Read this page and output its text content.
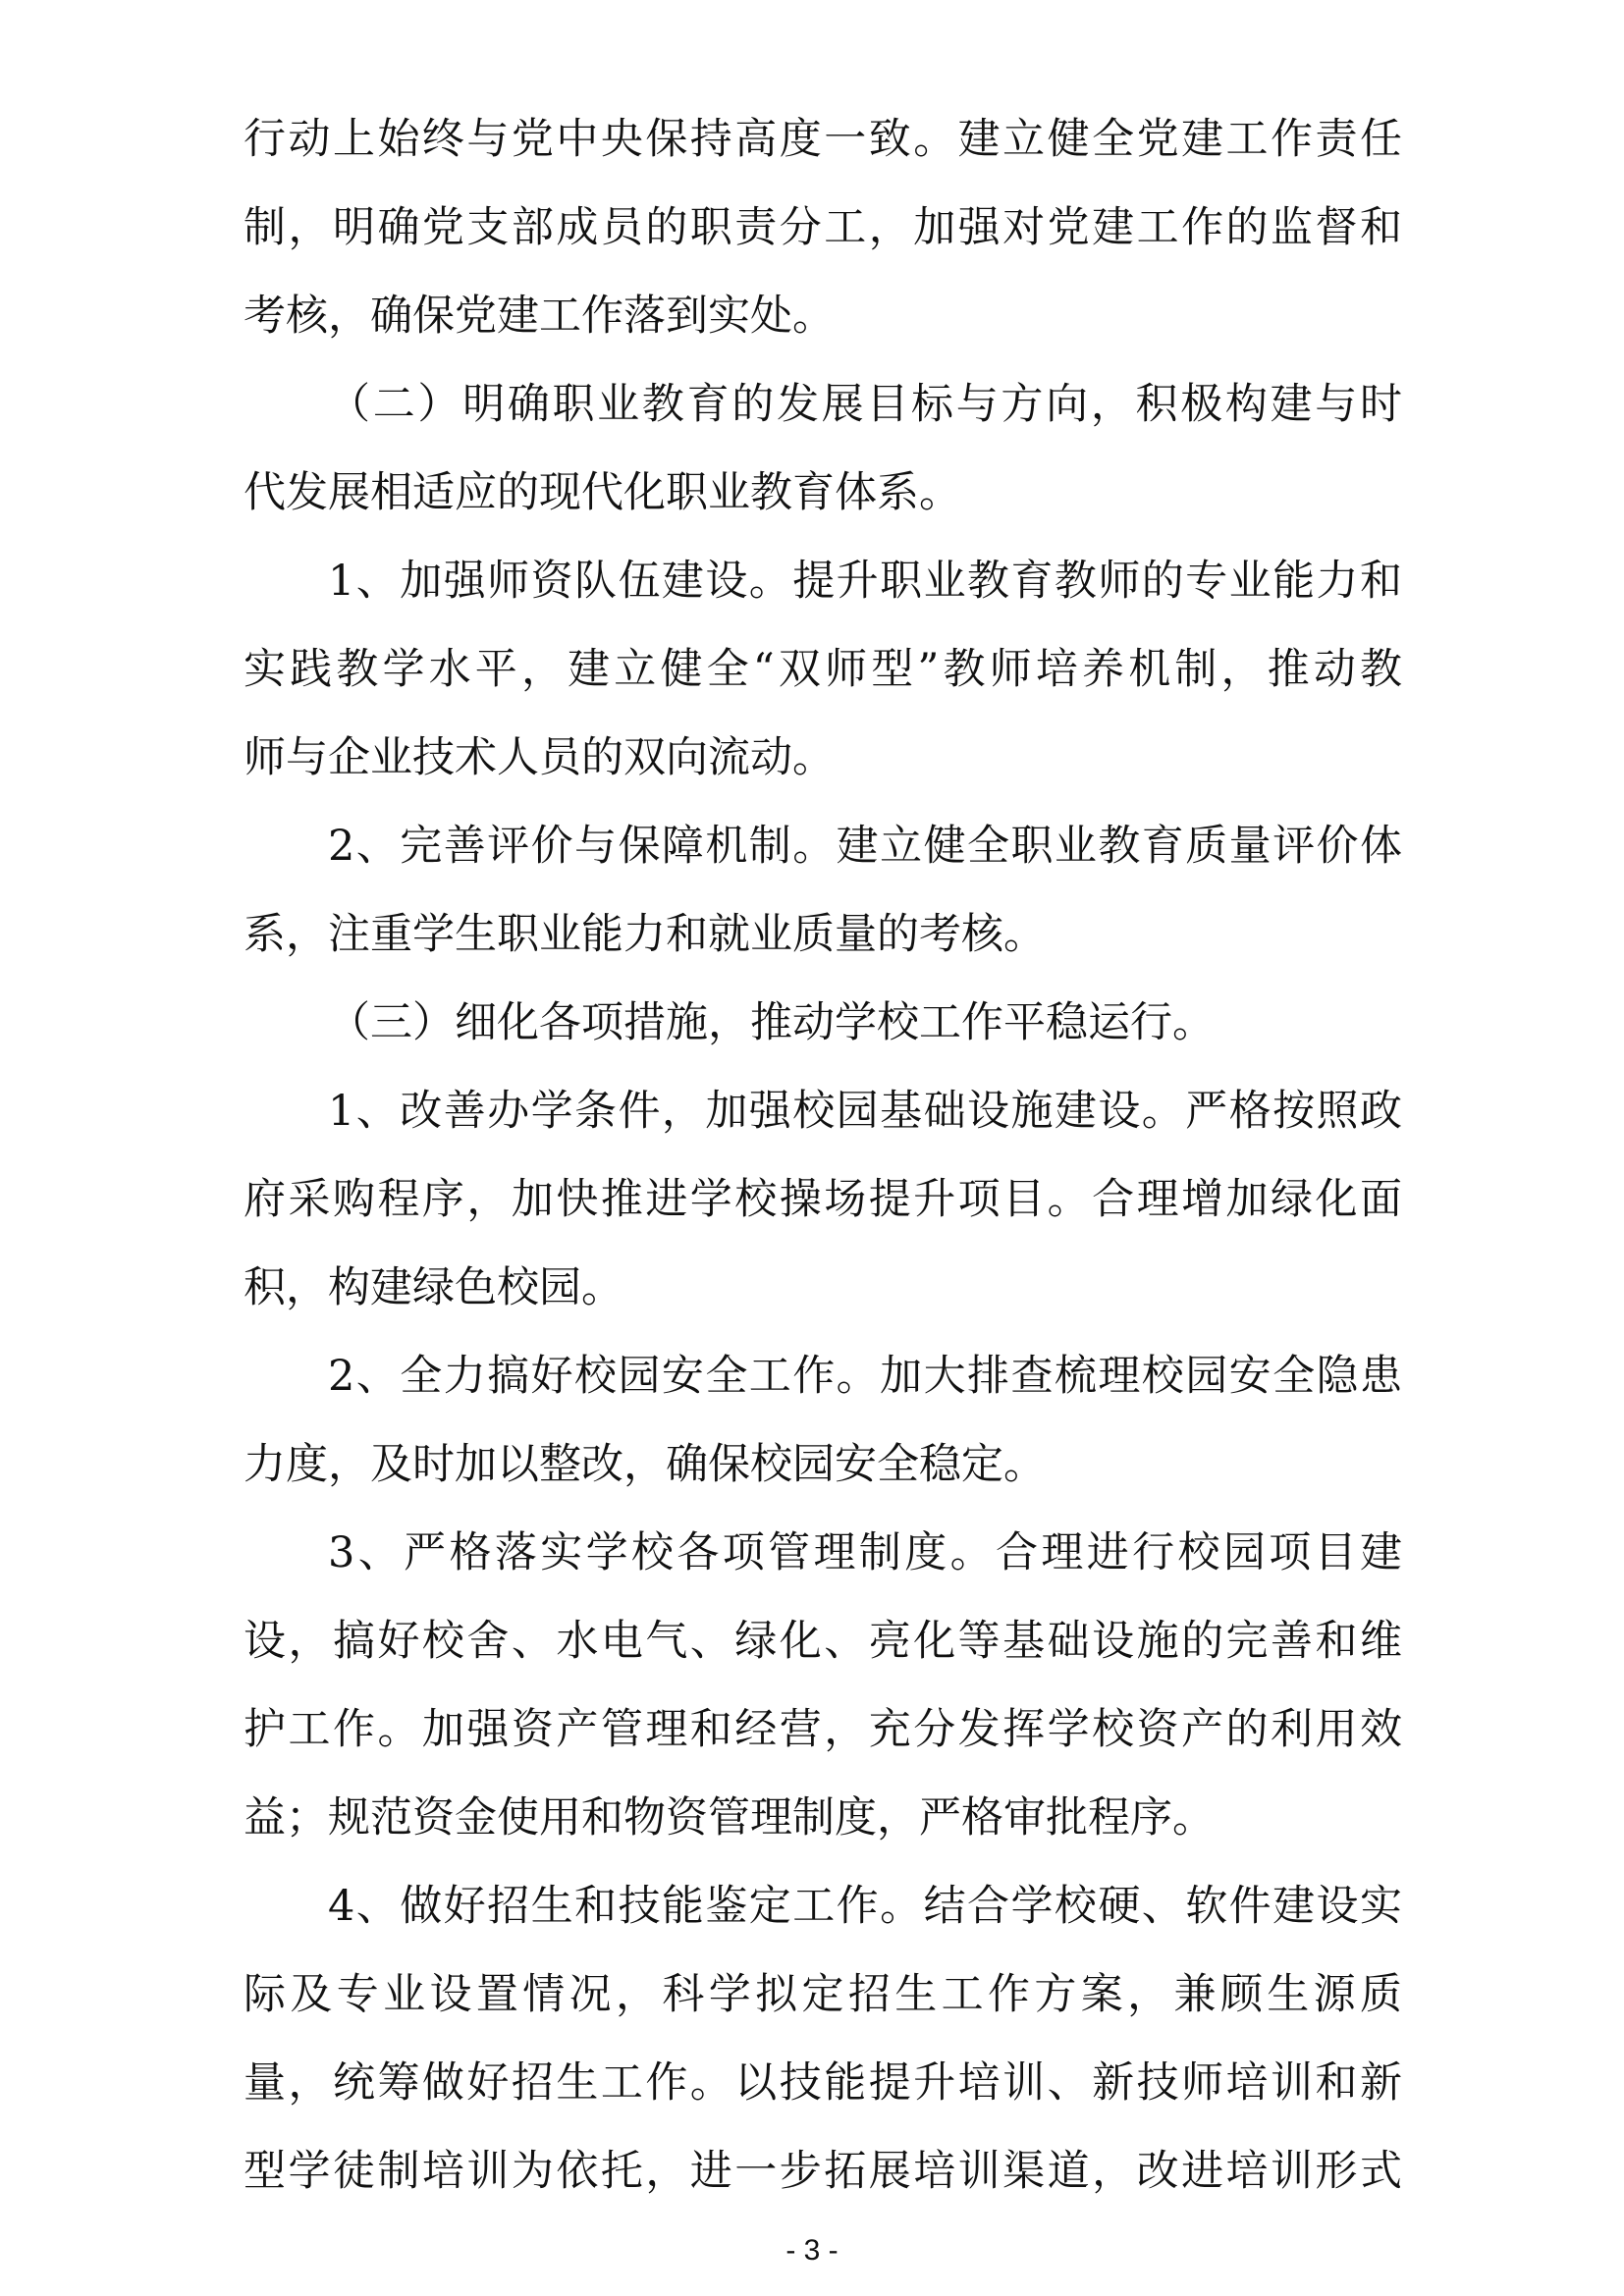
行动上始终与党中央保持高度一致。建立健全党建工作责任
制，明确党支部成员的职责分工，加强对党建工作的监督和
考核，确保党建工作落到实处。
（二）明确职业教育的发展目标与方向，积极构建与时
代发展相适应的现代化职业教育体系。
1、加强师资队伍建设。提升职业教育教师的专业能力和
实践教学水平，建立健全“双师型”教师培养机制，推动教
师与企业技术人员的双向流动。
2、完善评价与保障机制。建立健全职业教育质量评价体
系，注重学生职业能力和就业质量的考核。
（三）细化各项措施，推动学校工作平稳运行。
1、改善办学条件，加强校园基础设施建设。严格按照政
府采购程序，加快推进学校操场提升项目。合理增加绿化面
积，构建绿色校园。
2、全力搞好校园安全工作。加大排查梳理校园安全隐患
力度，及时加以整改，确保校园安全稳定。
3、严格落实学校各项管理制度。合理进行校园项目建
设，搞好校舍、水电气、绿化、亮化等基础设施的完善和维
护工作。加强资产管理和经营，充分发挥学校资产的利用效
益；规范资金使用和物资管理制度，严格审批程序。
4、做好招生和技能鉴定工作。结合学校硬、软件建设实
际及专业设置情况，科学拟定招生工作方案，兼顾生源质
量，统筹做好招生工作。以技能提升培训、新技师培训和新
型学徒制培训为依托，进一步拓展培训渠道，改进培训形式
- 3 -
